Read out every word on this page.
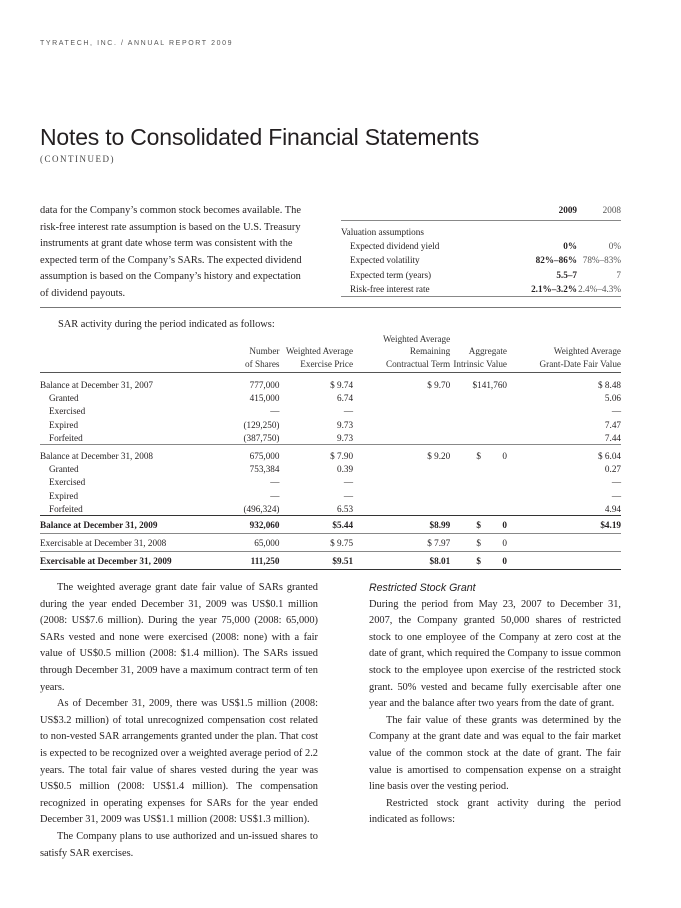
TYRATECH, INC. / ANNUAL REPORT 2009
Notes to Consolidated Financial Statements
(CONTINUED)

data for the Company’s common stock becomes available. The risk-free interest rate assumption is based on the U.S. Treasury instruments at grant date whose term was consistent with the expected term of the Company’s SARs. The expected dividend assumption is based on the Company’s history and expectation of dividend payouts.

	2009	2008
Valuation assumptions		
Expected dividend yield	0%	0%
Expected volatility	82%–86%	78%–83%
Expected term (years)	5.5–7	7
Risk-free interest rate	2.1%–3.2%	2.4%–4.3%

SAR activity during the period indicated as follows:

			Weighted Average		
	Number	Weighted Average	Remaining	Aggregate	Weighted Average
	of Shares	Exercise Price	Contractual Term	Intrinsic Value	Grant-Date Fair Value

Balance at December 31, 2007	777,000	$ 9.74	$ 9.70	$141,760	$ 8.48
Granted	415,000	6.74			5.06
Exercised	—	—			—
Expired	(129,250)	9.73			7.47
Forfeited	(387,750)	9.73			7.44
Balance at December 31, 2008	675,000	$ 7.90	$ 9.20	$ 0	$ 6.04
Granted	753,384	0.39			0.27
Exercised	—	—			—
Expired	—	—			—
Forfeited	(496,324)	6.53			4.94
Balance at December 31, 2009	932,060	$5.44	$8.99	$ 0	$4.19
Exercisable at December 31, 2008	65,000	$ 9.75	$ 7.97	$ 0	
Exercisable at December 31, 2009	111,250	$9.51	$8.01	$ 0	

The weighted average grant date fair value of SARs granted during the year ended December 31, 2009 was US$0.1 million (2008: US$7.6 million). During the year 75,000 (2008: 65,000) SARs vested and none were exercised (2008: none) with a fair value of US$0.5 million (2008: $1.4 million). The SARs issued through December 31, 2009 have a maximum contract term of ten years.

As of December 31, 2009, there was US$1.5 million (2008: US$3.2 million) of total unrecognized compensation cost related to non-vested SAR arrangements granted under the plan. That cost is expected to be recognized over a weighted average period of 2.2 years. The total fair value of shares vested during the year was US$0.5 million (2008: US$1.4 million). The compensation recognized in operating expenses for SARs for the year ended December 31, 2009 was US$1.1 million (2008: US$1.3 million).

The Company plans to use authorized and un-issued shares to satisfy SAR exercises.

Restricted Stock Grant

During the period from May 23, 2007 to December 31, 2007, the Company granted 50,000 shares of restricted stock to one employee of the Company at zero cost at the date of grant, which required the Company to issue common stock to the employee upon exercise of the restricted stock grant. 50% vested and became fully exercisable after one year and the balance after two years from the date of grant.

The fair value of these grants was determined by the Company at the grant date and was equal to the fair market value of the common stock at the date of grant. The fair value is amortised to compensation expense on a straight line basis over the vesting period.

Restricted stock grant activity during the period indicated as follows:
